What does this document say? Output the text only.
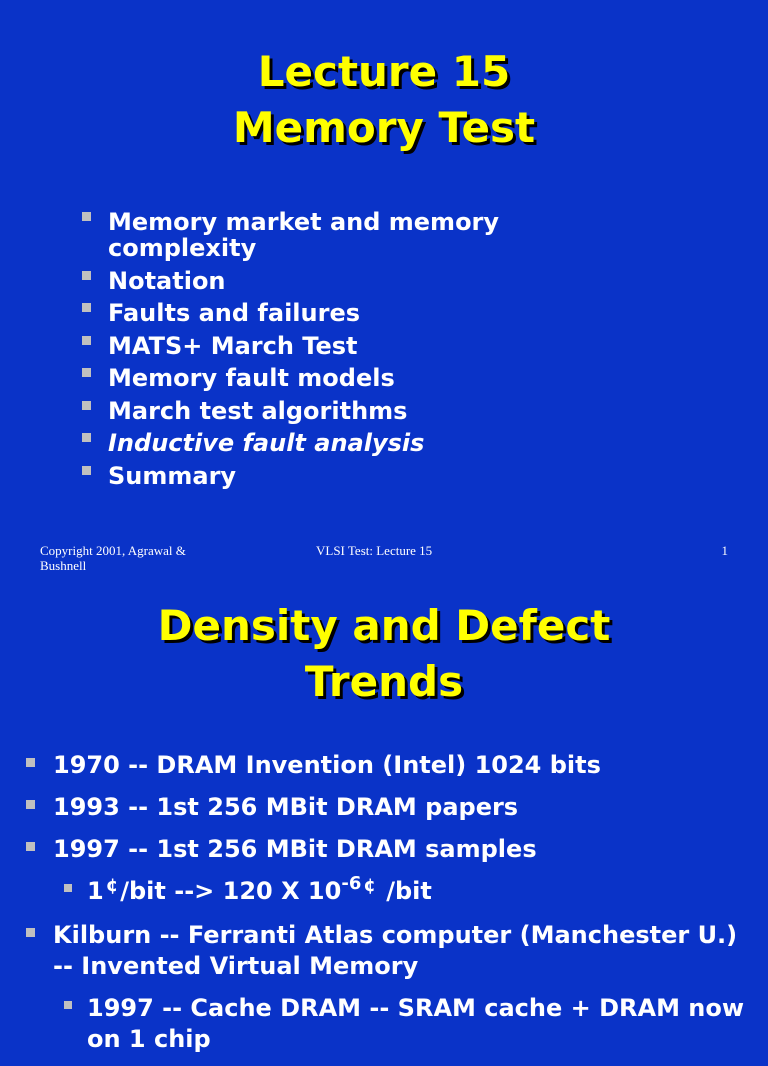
Lecture 15
Memory Test
Memory market and memory complexity
Notation
Faults and failures
MATS+ March Test
Memory fault models
March test algorithms
Inductive fault analysis
Summary
Copyright 2001, Agrawal & Bushnell
VLSI Test: Lecture 15	1
Density and Defect
Trends
1970 -- DRAM Invention (Intel) 1024 bits
1993 -- 1st 256 MBit DRAM papers
1997 -- 1st 256 MBit DRAM samples
1 ¢/bit --> 120 X $10^{-6}$ ¢ /bit
Kilburn -- Ferranti Atlas computer (Manchester U.) -- Invented Virtual Memory
1997 -- Cache DRAM -- SRAM cache + DRAM now on 1 chip
